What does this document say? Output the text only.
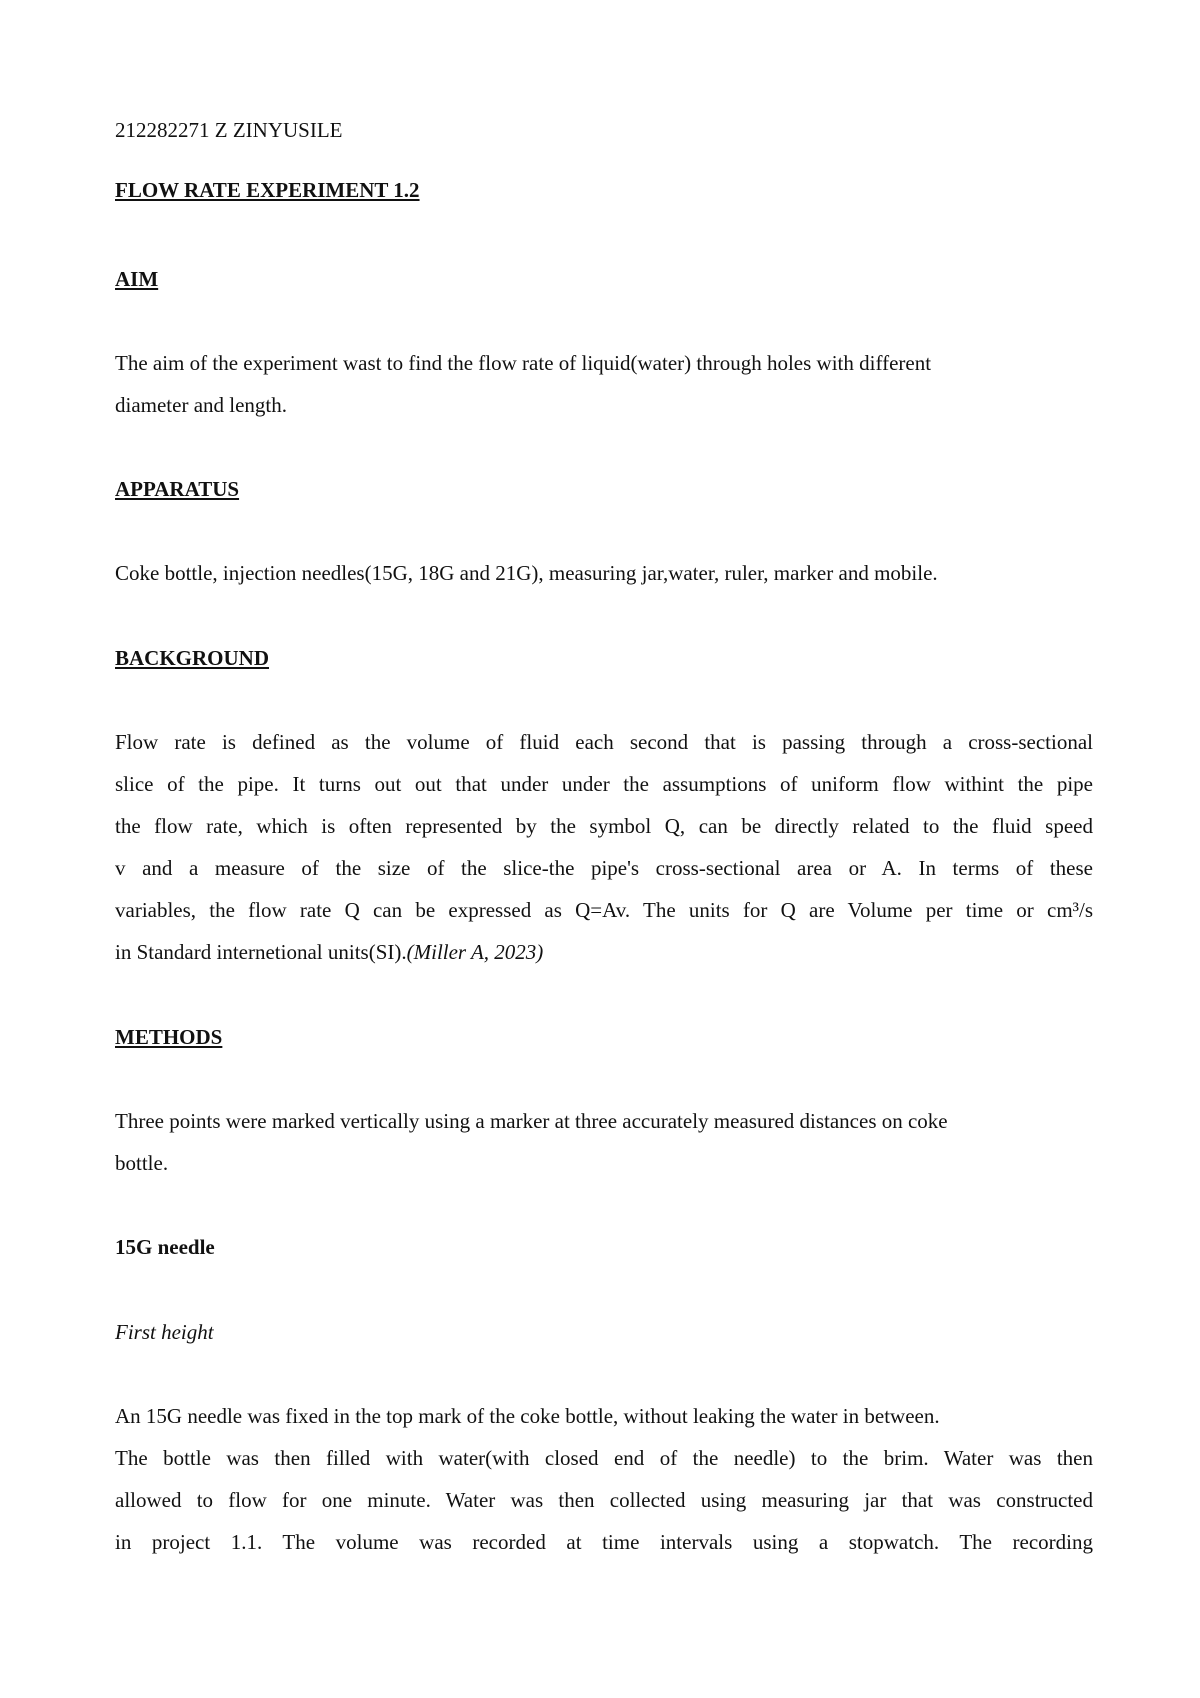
212282271 Z ZINYUSILE
FLOW RATE EXPERIMENT 1.2
AIM
The aim of the experiment wast to find the flow rate of liquid(water) through holes with different
diameter and length.
APPARATUS
Coke bottle, injection needles(15G, 18G and 21G), measuring jar,water, ruler, marker and mobile.
BACKGROUND
Flow rate is defined as the volume of fluid each second that is passing through a cross-sectional
slice of the pipe. It turns out out that under under the assumptions of uniform flow withint the pipe
the flow rate, which is often represented by the symbol Q, can be directly related to the fluid speed
v and a measure of the size of the slice-the pipe's cross-sectional area or A. In terms of these
variables, the flow rate Q can be expressed as Q=Av. The units for Q are Volume per time or cm³/s
in Standard internetional units(SI).(Miller A, 2023)
METHODS
Three points were marked vertically using a marker at three accurately measured distances on coke
bottle.
15G needle
First height
An 15G needle was fixed in the top mark of the coke bottle, without leaking the water in between.
The bottle was then filled with water(with closed end of the needle) to the brim. Water was then
allowed to flow for one minute. Water was then collected using measuring jar that was constructed
in project 1.1. The volume was recorded at time intervals using a stopwatch. The recording
